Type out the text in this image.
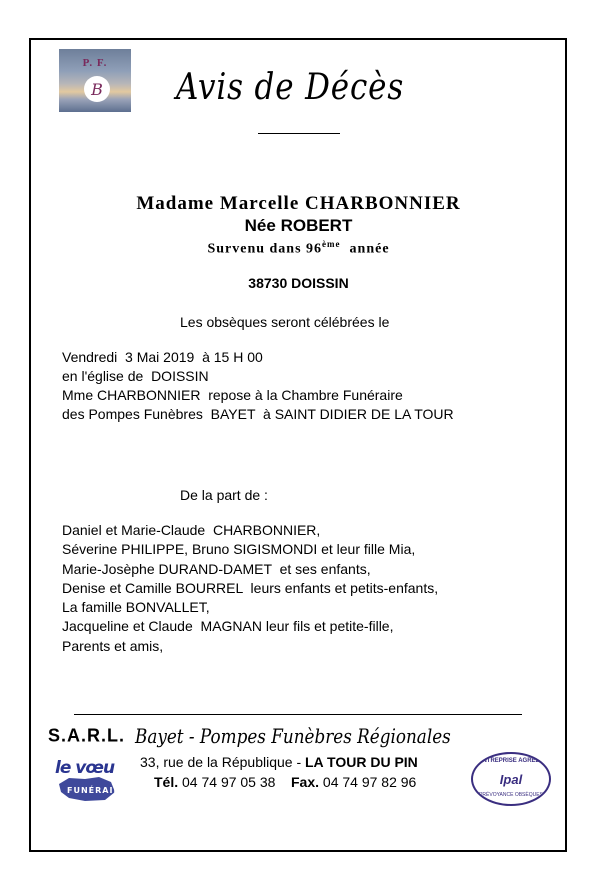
P. F.
B Avis de Décès
Madame Marcelle CHARBONNIER
Née ROBERT
Survenu dans 96ème  année
38730 DOISSIN
Les obsèques seront célébrées le
Vendredi  3 Mai 2019  à 15 H 00
en l'église de  DOISSIN
Mme CHARBONNIER  repose à la Chambre Funéraire
des Pompes Funèbres  BAYET  à SAINT DIDIER DE LA TOUR
De la part de :
Daniel et Marie-Claude  CHARBONNIER,
Séverine PHILIPPE, Bruno SIGISMONDI et leur fille Mia,
Marie-Josèphe DURAND-DAMET  et ses enfants,
Denise et Camille BOURREL  leurs enfants et petits-enfants,
La famille BONVALLET,
Jacqueline et Claude  MAGNAN leur fils et petite-fille,
Parents et amis,
S.A.R.L. Bayet - Pompes Funèbres Régionales
33, rue de la République - LA TOUR DU PIN
Tél. 04 74 97 05 38 Fax. 04 74 97 82 96
le vœu
FUNÉRAIRE
ENTREPRISE AGRÉÉE
Ipal
PRÉVOYANCE OBSÈQUES
